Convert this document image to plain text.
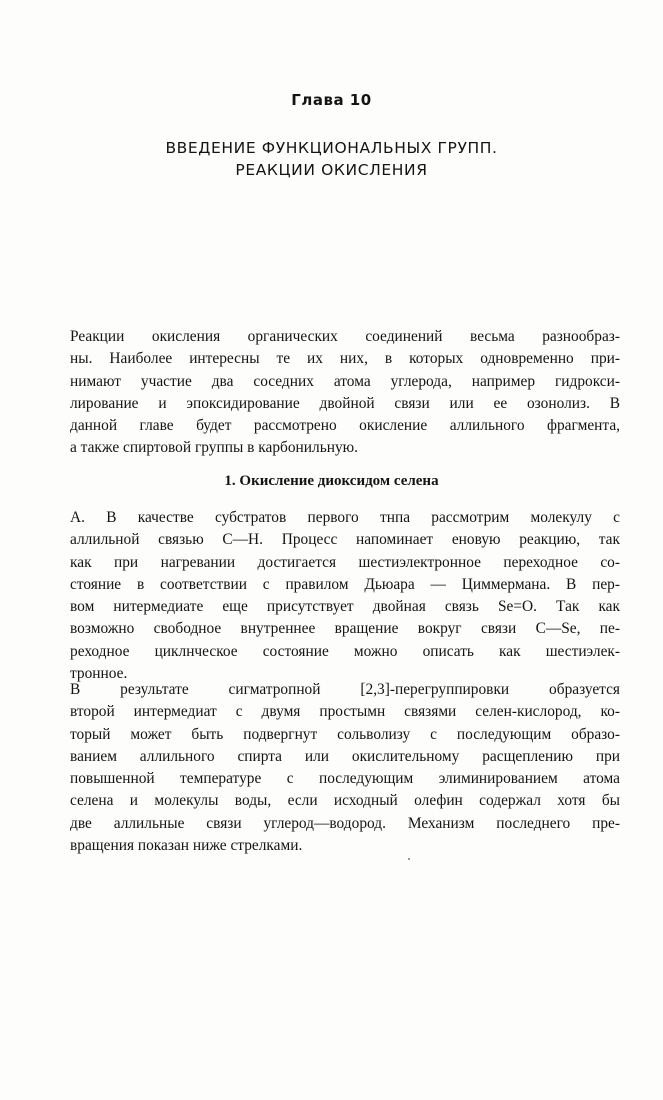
Глава 10
ВВЕДЕНИЕ ФУНКЦИОНАЛЬНЫХ ГРУПП.
РЕАКЦИИ ОКИСЛЕНИЯ
Реакции окисления органических соединений весьма разнообраз-
ны. Наиболее интересны те их них, в которых одновременно при-
нимают участие два соседних атома углерода, например гидрокси-
лирование и эпоксидирование двойной связи или ее озонолиз. В
данной главе будет рассмотрено окисление аллильного фрагмента,
а также спиртовой группы в карбонильную.
1. Окисление диоксидом селена
А. В качестве субстратов первого тнпа рассмотрим молекулу с
аллильной связью C—H. Процесс напоминает еновую реакцию, так
как при нагревании достигается шестиэлектронное переходное со-
стояние в соответствии с правилом Дьюара — Циммермана. В пер-
вом нитермедиате еще присутствует двойная связь Se=O. Так как
возможно свободное внутреннее вращение вокруг связи C—Se, пе-
реходное циклнческое состояние можно описать как шестиэлек-
тронное.
В результате сигматропной [2,3]-перегруппировки образуется
второй интермедиат с двумя простымн связями селен-кислород, ко-
торый может быть подвергнут сольволизу с последующим образо-
ванием аллильного спирта или окислительному расщеплению при
повышенной температуре с последующим элиминированием атома
селена и молекулы воды, если исходный олефин содержал хотя бы
две аллильные связи углерод—водород. Механизм последнего пре-
вращения показан ниже стрелками.
